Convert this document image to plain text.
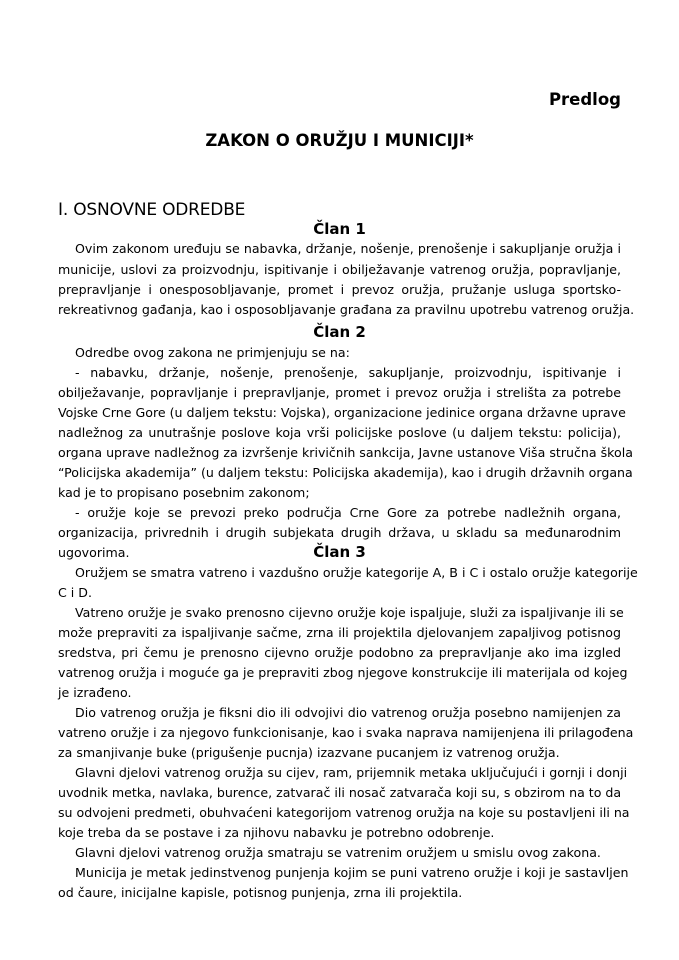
Predlog
ZAKON O ORUŽJU I MUNICIJI*
I. OSNOVNE ODREDBE
Član 1
Ovim zakonom uređuju se nabavka, držanje, nošenje, prenošenje i sakupljanje oružja i
municije, uslovi za proizvodnju, ispitivanje i obilježavanje vatrenog oružja, popravljanje,
prepravljanje i onesposobljavanje, promet i prevoz oružja, pružanje usluga sportsko-
rekreativnog gađanja, kao i osposobljavanje građana za pravilnu upotrebu vatrenog oružja.
Član 2
Odredbe ovog zakona ne primjenjuju se na:
- nabavku, držanje, nošenje, prenošenje, sakupljanje, proizvodnju, ispitivanje i
obilježavanje, popravljanje i prepravljanje, promet i prevoz oružja i strelišta za potrebe
Vojske Crne Gore (u daljem tekstu: Vojska), organizacione jedinice organa državne uprave
nadležnog za unutrašnje poslove koja vrši policijske poslove (u daljem tekstu: policija),
organa uprave nadležnog za izvršenje krivičnih sankcija, Javne ustanove Viša stručna škola
“Policijska akademija” (u daljem tekstu: Policijska akademija), kao i drugih državnih organa
kad je to propisano posebnim zakonom;
- oružje koje se prevozi preko područja Crne Gore za potrebe nadležnih organa,
organizacija, privrednih i drugih subjekata drugih država, u skladu sa međunarodnim
ugovorima.	Član 3
Oružjem se smatra vatreno i vazdušno oružje kategorije A, B i C i ostalo oružje kategorije
C i D.
Vatreno oružje je svako prenosno cijevno oružje koje ispaljuje, služi za ispaljivanje ili se
može prepraviti za ispaljivanje sačme, zrna ili projektila djelovanjem zapaljivog potisnog
sredstva, pri čemu je prenosno cijevno oružje podobno za prepravljanje ako ima izgled
vatrenog oružja i moguće ga je prepraviti zbog njegove konstrukcije ili materijala od kojeg
je izrađeno.
Dio vatrenog oružja je fiksni dio ili odvojivi dio vatrenog oružja posebno namijenjen za
vatreno oružje i za njegovo funkcionisanje, kao i svaka naprava namijenjena ili prilagođena
za smanjivanje buke (prigušenje pucnja) izazvane pucanjem iz vatrenog oružja.
Glavni djelovi vatrenog oružja su cijev, ram, prijemnik metaka uključujući i gornji i donji
uvodnik metka, navlaka, burence, zatvarač ili nosač zatvarača koji su, s obzirom na to da
su odvojeni predmeti, obuhvaćeni kategorijom vatrenog oružja na koje su postavljeni ili na
koje treba da se postave i za njihovu nabavku je potrebno odobrenje.
Glavni djelovi vatrenog oružja smatraju se vatrenim oružjem u smislu ovog zakona.
Municija je metak jedinstvenog punjenja kojim se puni vatreno oružje i koji je sastavljen
od čaure, inicijalne kapisle, potisnog punjenja, zrna ili projektila.
